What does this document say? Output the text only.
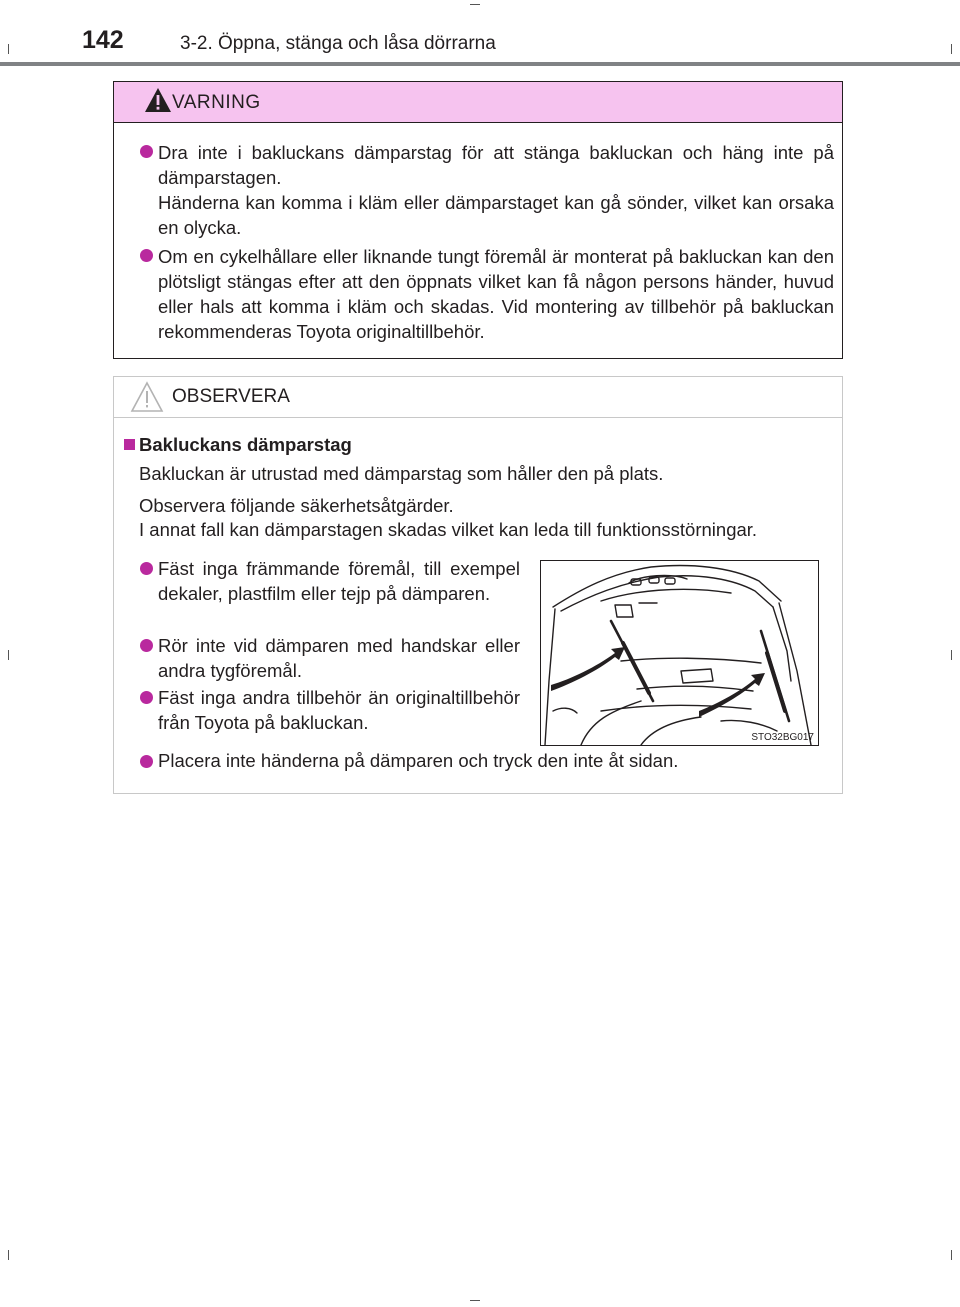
142	3-2. Öppna, stänga och låsa dörrarna
VARNING
Dra inte i bakluckans dämparstag för att stänga bakluckan och häng inte på dämparstagen.
Händerna kan komma i kläm eller dämparstaget kan gå sönder, vilket kan orsaka en olycka.
Om en cykelhållare eller liknande tungt föremål är monterat på bakluckan kan den plötsligt stängas efter att den öppnats vilket kan få någon persons händer, huvud eller hals att komma i kläm och skadas. Vid montering av tillbehör på bakluckan rekommenderas Toyota originaltillbehör.
OBSERVERA
Bakluckans dämparstag
Bakluckan är utrustad med dämparstag som håller den på plats.
Observera följande säkerhetsåtgärder.
I annat fall kan dämparstagen skadas vilket kan leda till funktionsstörningar.
Fäst inga främmande föremål, till exempel dekaler, plastfilm eller tejp på dämparen.
Rör inte vid dämparen med handskar eller andra tygföremål.
Fäst inga andra tillbehör än originaltillbehör från Toyota på bakluckan.
Placera inte händerna på dämparen och tryck den inte åt sidan.
STO32BG017
